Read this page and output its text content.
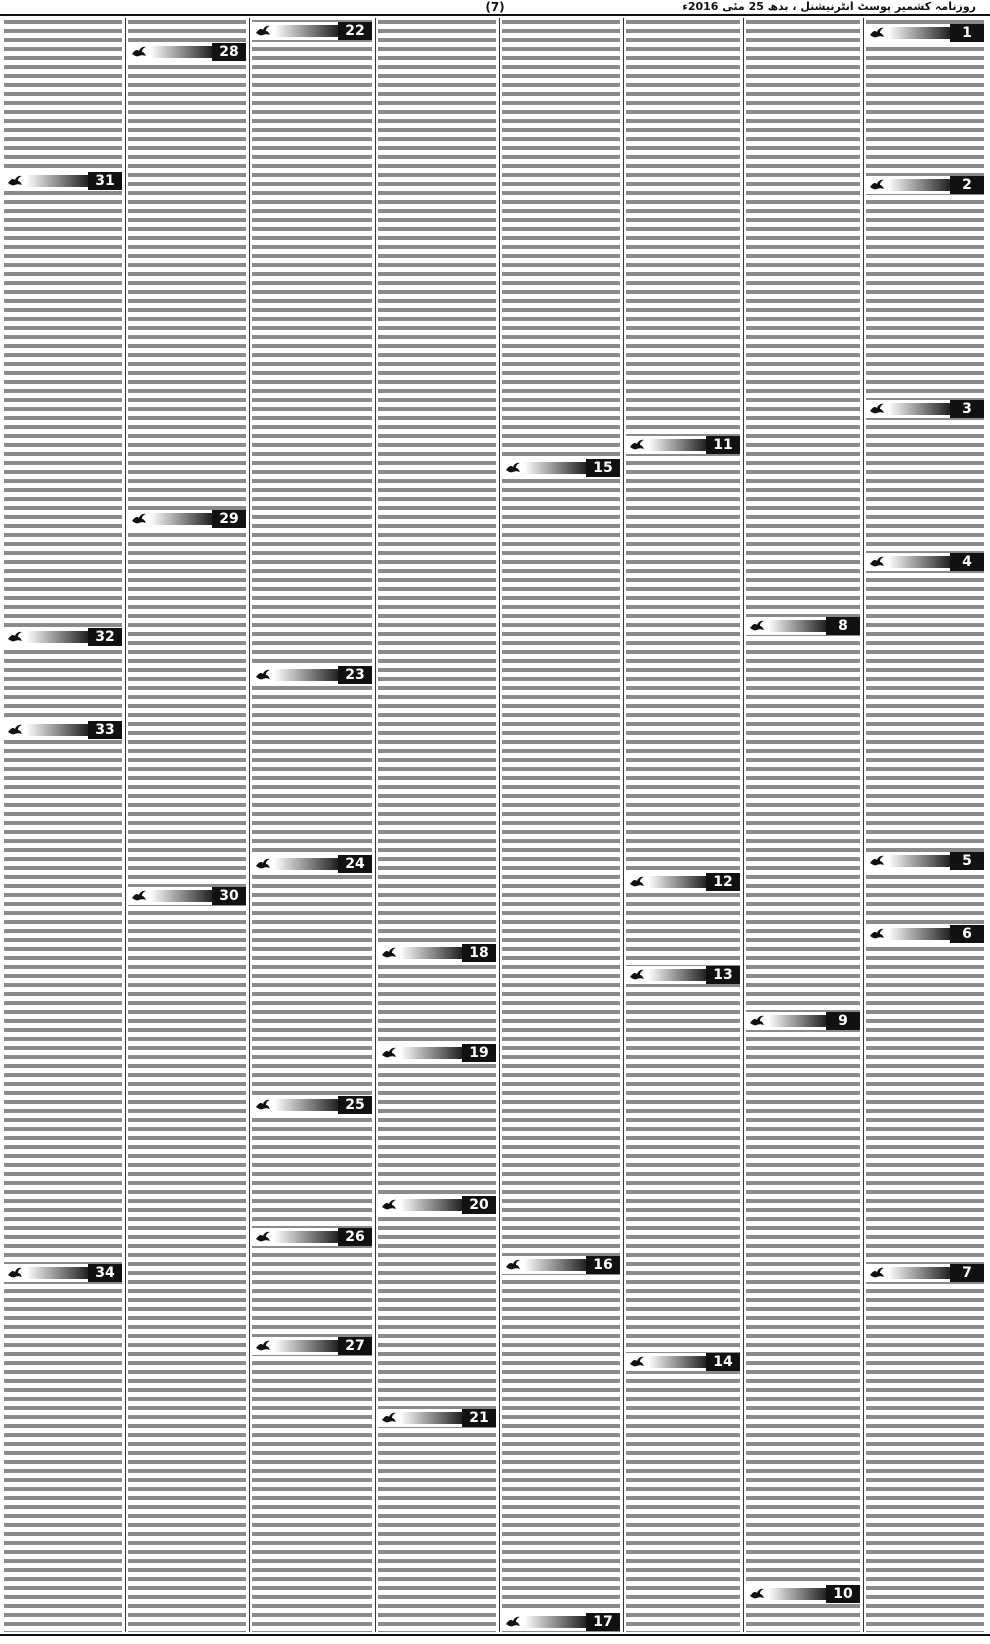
(7)	روزنامہ کشمیر پوسٹ انٹرنیشنل ، بدھ 25 مئی 2016ء
1
2
3
4
5
6
7
8
9
10
11
12
13
14
15
16
17
18
19
20
21
22
23
24
25
26
27
28
29
30
31
32
33
34
